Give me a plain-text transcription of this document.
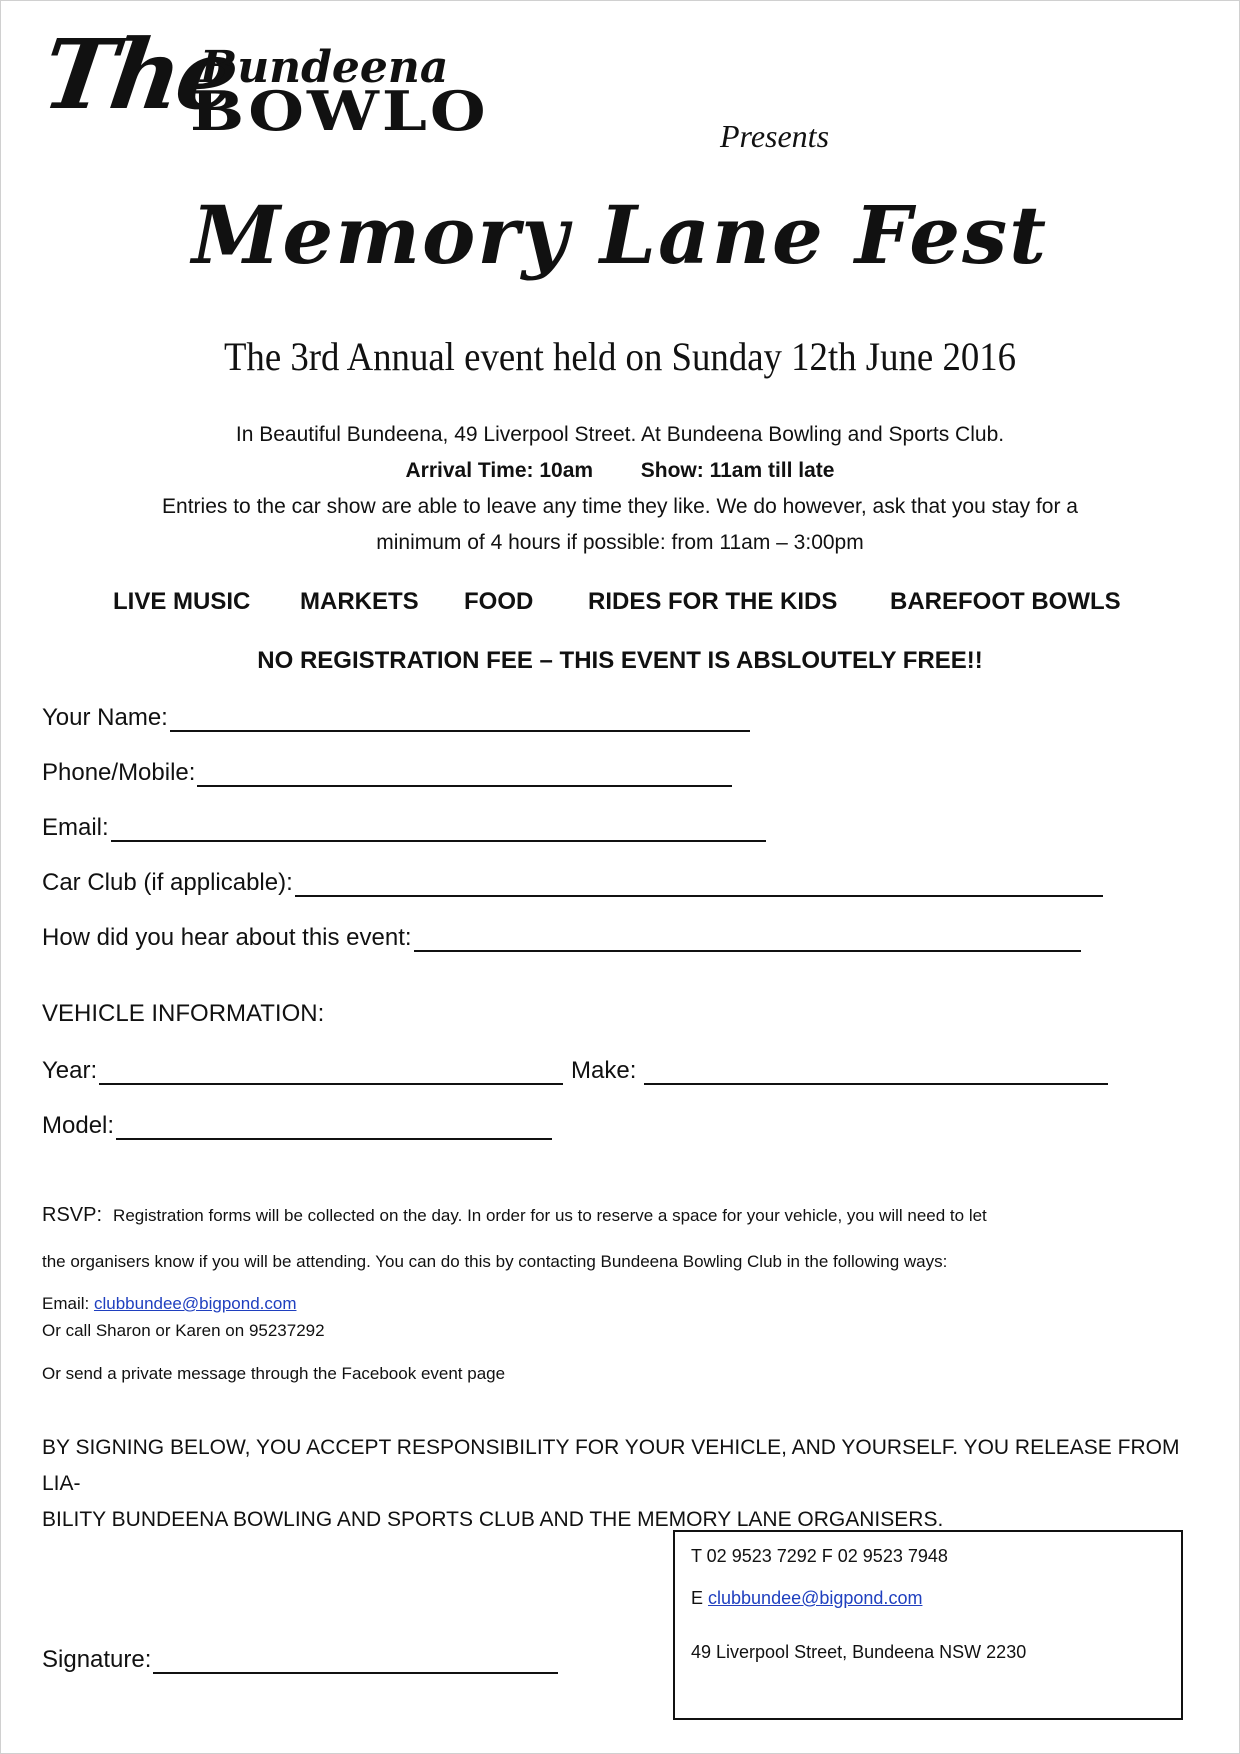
The
Bundeena
BOWLO	Presents
Memory Lane Fest
The 3rd Annual event held on Sunday 12th June 2016
In Beautiful Bundeena, 49 Liverpool Street. At Bundeena Bowling and Sports Club.
Arrival Time: 10am Show: 11am till late
Entries to the car show are able to leave any time they like. We do however, ask that you stay for a
minimum of 4 hours if possible: from 11am – 3:00pm
LIVE MUSIC MARKETS FOOD RIDES FOR THE KIDS BAREFOOT BOWLS
NO REGISTRATION FEE – THIS EVENT IS ABSLOUTELY FREE!!
Your Name:
Phone/Mobile:
Email:
Car Club (if applicable):
How did you hear about this event:
VEHICLE INFORMATION:
Year:	Make:
Model:
RSVP: Registration forms will be collected on the day. In order for us to reserve a space for your vehicle, you will need to let
the organisers know if you will be attending. You can do this by contacting Bundeena Bowling Club in the following ways:
Email: clubbundee@bigpond.com
Or call Sharon or Karen on 95237292
Or send a private message through the Facebook event page
BY SIGNING BELOW, YOU ACCEPT RESPONSIBILITY FOR YOUR VEHICLE, AND YOURSELF. YOU RELEASE FROM LIA-
BILITY BUNDEENA BOWLING AND SPORTS CLUB AND THE MEMORY LANE ORGANISERS.
Signature:
T 02 9523 7292 F 02 9523 7948
E clubbundee@bigpond.com
49 Liverpool Street, Bundeena NSW 2230
